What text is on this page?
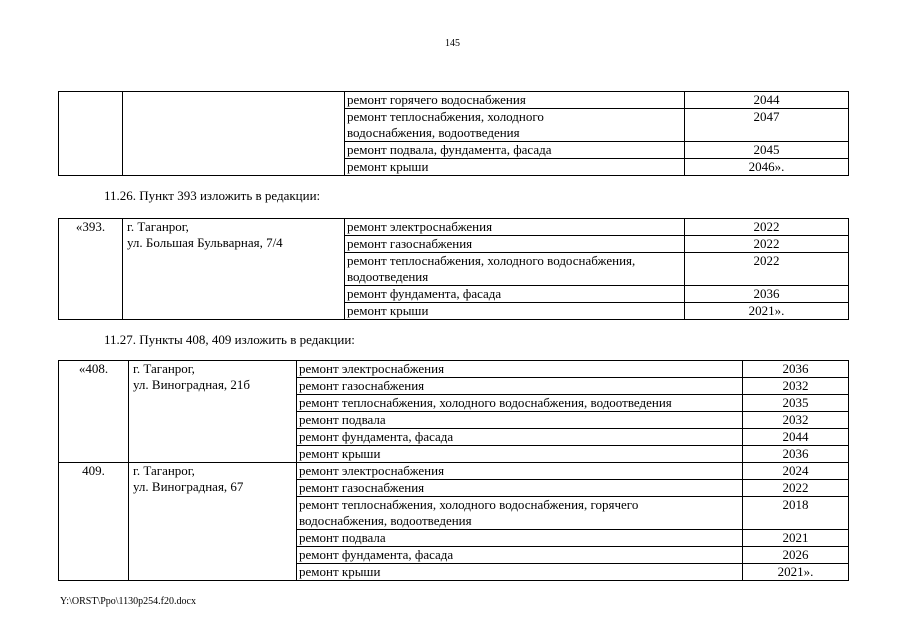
145

		ремонт горячего водоснабжения	2044

		ремонт теплоснабжения, холодного
водоснабжения, водоотведения	2047

		ремонт подвала, фундамента, фасада	2045

		ремонт крыши	2046».
11.26. Пункт 393 изложить в редакции:
«393.	г. Таганрог,
ул. Большая Бульварная, 7/4	ремонт электроснабжения	2022

		ремонт газоснабжения	2022

		ремонт теплоснабжения, холодного водоснабжения,
водоотведения	2022

		ремонт фундамента, фасада	2036

		ремонт крыши	2021».
11.27. Пункты 408, 409 изложить в редакции:
«408.	г. Таганрог,
ул. Виноградная, 21б	ремонт электроснабжения	2036

		ремонт газоснабжения	2032

		ремонт теплоснабжения, холодного водоснабжения, водоотведения	2035

		ремонт подвала	2032

		ремонт фундамента, фасада	2044

		ремонт крыши	2036
409.	г. Таганрог,
ул. Виноградная, 67	ремонт электроснабжения	2024

		ремонт газоснабжения	2022

		ремонт теплоснабжения, холодного водоснабжения, горячего
водоснабжения, водоотведения	2018

		ремонт подвала	2021

		ремонт фундамента, фасада	2026

		ремонт крыши	2021».
Y:\ORST\Ppo\1130p254.f20.docx
